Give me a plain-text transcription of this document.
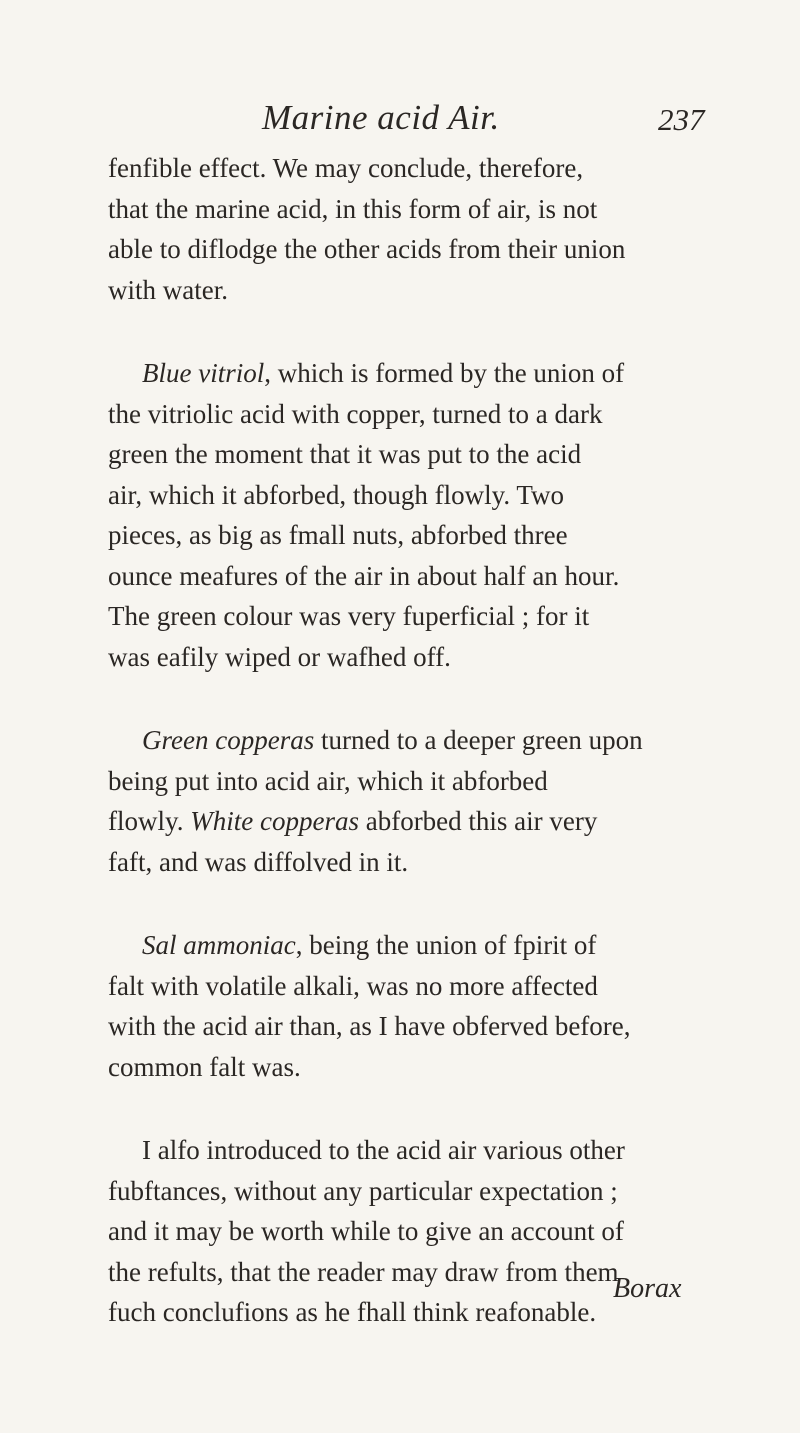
Marine acid Air.	237
fenfible effect. We may conclude, therefore,
that the marine acid, in this form of air, is not
able to diflodge the other acids from their union
with water.
Blue vitriol, which is formed by the union of
the vitriolic acid with copper, turned to a dark
green the moment that it was put to the acid
air, which it abforbed, though flowly. Two
pieces, as big as fmall nuts, abforbed three
ounce meafures of the air in about half an hour.
The green colour was very fuperficial ; for it
was eafily wiped or wafhed off.
Green copperas turned to a deeper green upon
being put into acid air, which it abforbed
flowly. White copperas abforbed this air very
faft, and was diffolved in it.
Sal ammoniac, being the union of fpirit of
falt with volatile alkali, was no more affected
with the acid air than, as I have obferved before,
common falt was.
I alfo introduced to the acid air various other
fubftances, without any particular expectation ;
and it may be worth while to give an account of
the refults, that the reader may draw from them
fuch conclufions as he fhall think reafonable.
Borax
